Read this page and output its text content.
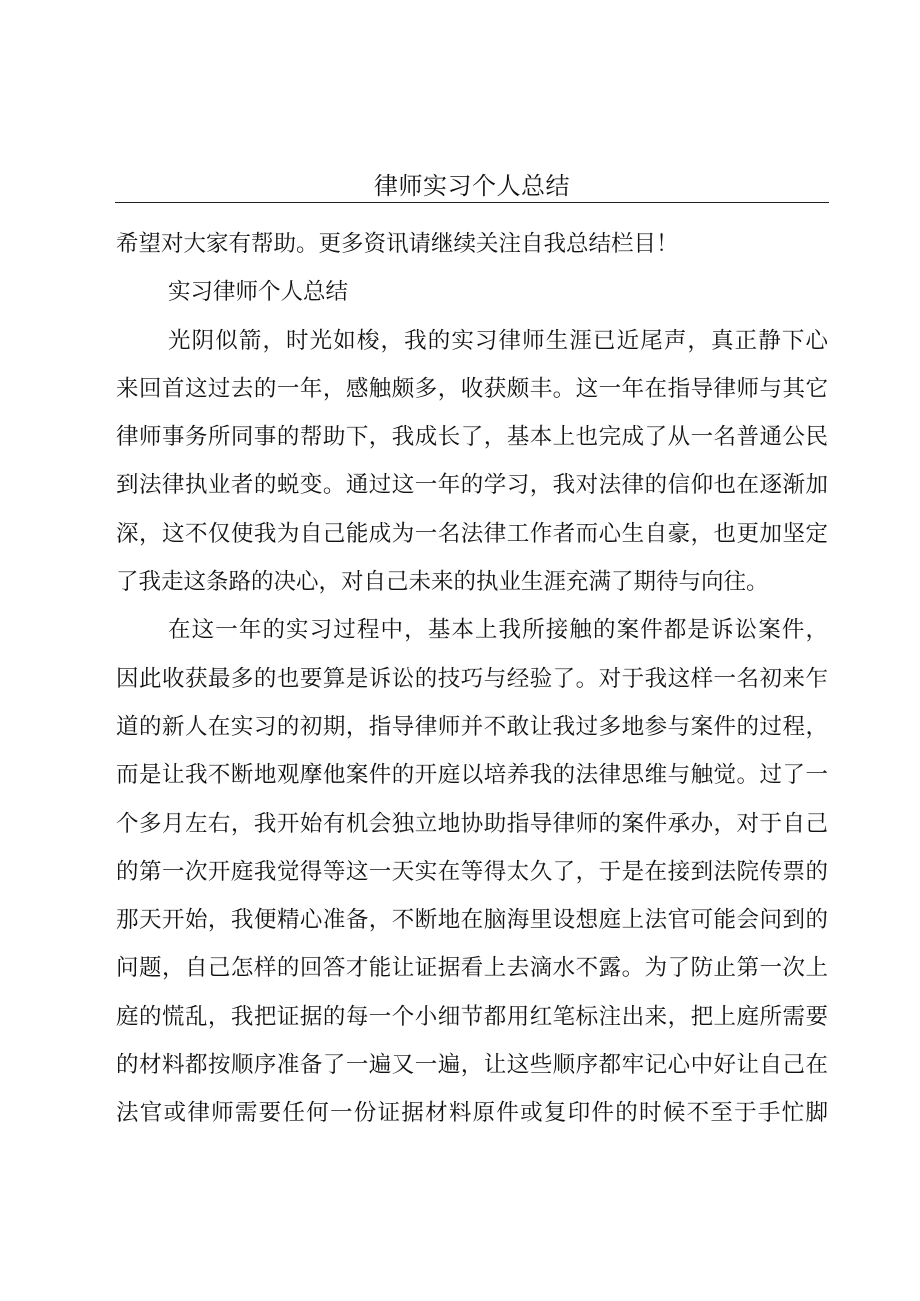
律师实习个人总结
希望对大家有帮助。更多资讯请继续关注自我总结栏目！
实习律师个人总结
光阴似箭，时光如梭，我的实习律师生涯已近尾声，真正静下心
来回首这过去的一年，感触颇多，收获颇丰。这一年在指导律师与其它
律师事务所同事的帮助下，我成长了，基本上也完成了从一名普通公民
到法律执业者的蜕变。通过这一年的学习，我对法律的信仰也在逐渐加
深，这不仅使我为自己能成为一名法律工作者而心生自豪，也更加坚定
了我走这条路的决心，对自己未来的执业生涯充满了期待与向往。
在这一年的实习过程中，基本上我所接触的案件都是诉讼案件，
因此收获最多的也要算是诉讼的技巧与经验了。对于我这样一名初来乍
道的新人在实习的初期，指导律师并不敢让我过多地参与案件的过程，
而是让我不断地观摩他案件的开庭以培养我的法律思维与触觉。过了一
个多月左右，我开始有机会独立地协助指导律师的案件承办，对于自己
的第一次开庭我觉得等这一天实在等得太久了，于是在接到法院传票的
那天开始，我便精心准备，不断地在脑海里设想庭上法官可能会问到的
问题，自己怎样的回答才能让证据看上去滴水不露。为了防止第一次上
庭的慌乱，我把证据的每一个小细节都用红笔标注出来，把上庭所需要
的材料都按顺序准备了一遍又一遍，让这些顺序都牢记心中好让自己在
法官或律师需要任何一份证据材料原件或复印件的时候不至于手忙脚
